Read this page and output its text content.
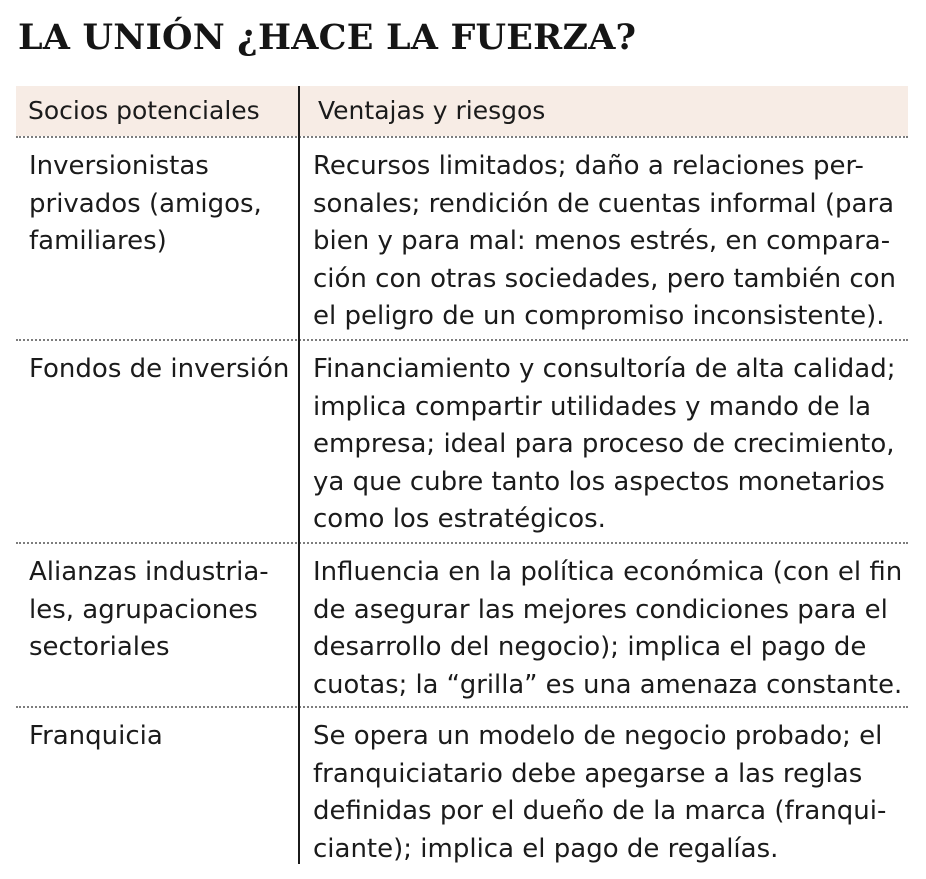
LA UNIÓN ¿HACE LA FUERZA?
Socios potenciales Ventajas y riesgos
Inversionistas
privados (amigos,
familiares)
Recursos limitados; daño a relaciones per-
sonales; rendición de cuentas informal (para
bien y para mal: menos estrés, en compara-
ción con otras sociedades, pero también con
el peligro de un compromiso inconsistente).
Fondos de inversión Financiamiento y consultoría de alta calidad;
implica compartir utilidades y mando de la
empresa; ideal para proceso de crecimiento,
ya que cubre tanto los aspectos monetarios
como los estratégicos.
Alianzas industria-
les, agrupaciones
sectoriales
Influencia en la política económica (con el fin
de asegurar las mejores condiciones para el
desarrollo del negocio); implica el pago de
cuotas; la “grilla” es una amenaza constante.
Franquicia	Se opera un modelo de negocio probado; el
franquiciatario debe apegarse a las reglas
definidas por el dueño de la marca (franqui-
ciante); implica el pago de regalías.
